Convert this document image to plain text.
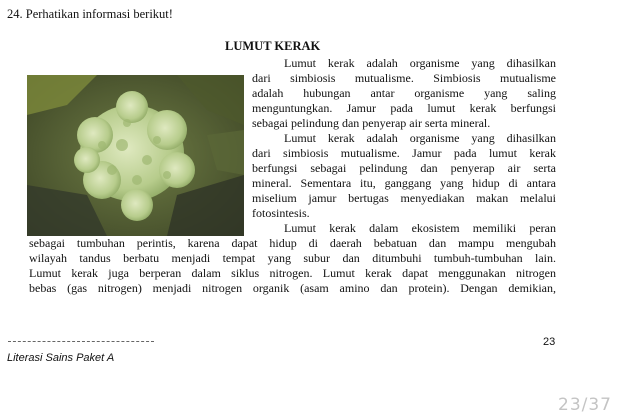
24. Perhatikan informasi berikut!
LUMUT KERAK
Lumut kerak adalah organisme yang dihasilkan
dari simbiosis mutualisme. Simbiosis mutualisme
adalah hubungan antar organisme yang saling
menguntungkan. Jamur pada lumut kerak berfungsi
sebagai pelindung dan penyerap air serta mineral.
Lumut kerak adalah organisme yang dihasilkan
dari simbiosis mutualisme. Jamur pada lumut kerak
berfungsi sebagai pelindung dan penyerap air serta
mineral. Sementara itu, ganggang yang hidup di antara
miselium jamur bertugas menyediakan makan melalui
fotosintesis.
Lumut kerak dalam ekosistem memiliki peran
sebagai tumbuhan perintis, karena dapat hidup di daerah bebatuan dan mampu mengubah
wilayah tandus berbatu menjadi tempat yang subur dan ditumbuhi tumbuh-tumbuhan lain.
Lumut kerak juga berperan dalam siklus nitrogen. Lumut kerak dapat menggunakan nitrogen
bebas (gas nitrogen) menjadi nitrogen organik (asam amino dan protein). Dengan demikian,
23
Literasi Sains Paket A
23/37
